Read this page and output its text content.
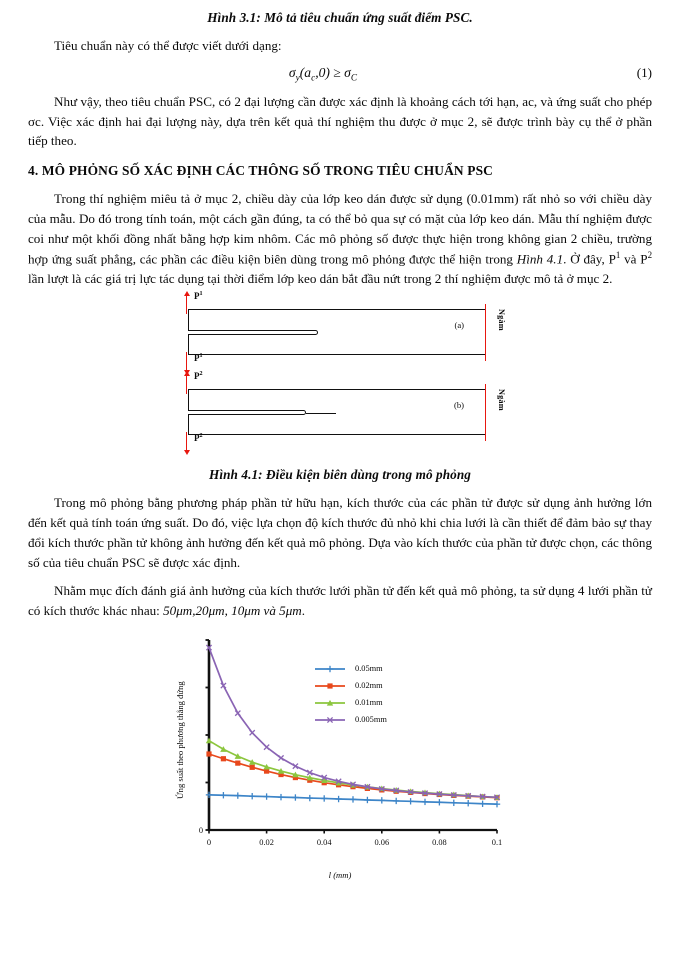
Hình 3.1: Mô tả tiêu chuẩn ứng suất điểm PSC.

Tiêu chuẩn này có thể được viết dưới dạng:

$\sigma_y(a_c,0) \ge \sigma_C$	(1)

Như vậy, theo tiêu chuẩn PSC, có 2 đại lượng cần được xác định là khoảng cách tới hạn, ac, và ứng suất cho phép σc. Việc xác định hai đại lượng này, dựa trên kết quả thí nghiệm thu được ở mục 2, sẽ được trình bày cụ thể ở phần tiếp theo.

4. MÔ PHỎNG SỐ XÁC ĐỊNH CÁC THÔNG SỐ TRONG TIÊU CHUẨN PSC

Trong thí nghiệm miêu tả ở mục 2, chiều dày của lớp keo dán được sử dụng (0.01mm) rất nhỏ so với chiều dày của mẫu. Do đó trong tính toán, một cách gần đúng, ta có thể bỏ qua sự có mặt của lớp keo dán. Mẫu thí nghiệm được coi như một khối đồng nhất bằng hợp kim nhôm. Các mô phỏng số được thực hiện trong không gian 2 chiều, trường hợp ứng suất phẳng, các phần các điều kiện biên dùng trong mô phỏng được thể hiện trong Hình 4.1. Ở đây, $P^1$ và $P^2$ lần lượt là các giá trị lực tác dụng tại thời điểm lớp keo dán bắt đầu nứt trong 2 thí nghiệm được mô tả ở mục 2.

$P^1$
$P^1$
Ngàm
(a)
$P^2$
$P^2$
Ngàm
(b)
Hình 4.1: Điều kiện biên dùng trong mô phỏng

Trong mô phỏng bằng phương pháp phần tử hữu hạn, kích thước của các phần tử được sử dụng ảnh hưởng lớn đến kết quả tính toán ứng suất. Do đó, việc lựa chọn độ kích thước đủ nhỏ khi chia lưới là cần thiết để đảm bảo sự thay đổi kích thước phần tử không ảnh hưởng đến kết quả mô phỏng. Dựa vào kích thước của phần tử được chọn, các thông số của tiêu chuẩn PSC sẽ được xác định.

Nhằm mục đích đánh giá ảnh hưởng của kích thước lưới phần tử đến kết quả mô phỏng, ta sử dụng 4 lưới phần tử có kích thước khác nhau: 50μm,20μm, 10μm và 5μm.

Ứng suất theo phương thẳng đứng
0	0.02	0.04	0.06	0.08	0.1
0
0.05mm
0.02mm
0.01mm
0.005mm
l (mm)
